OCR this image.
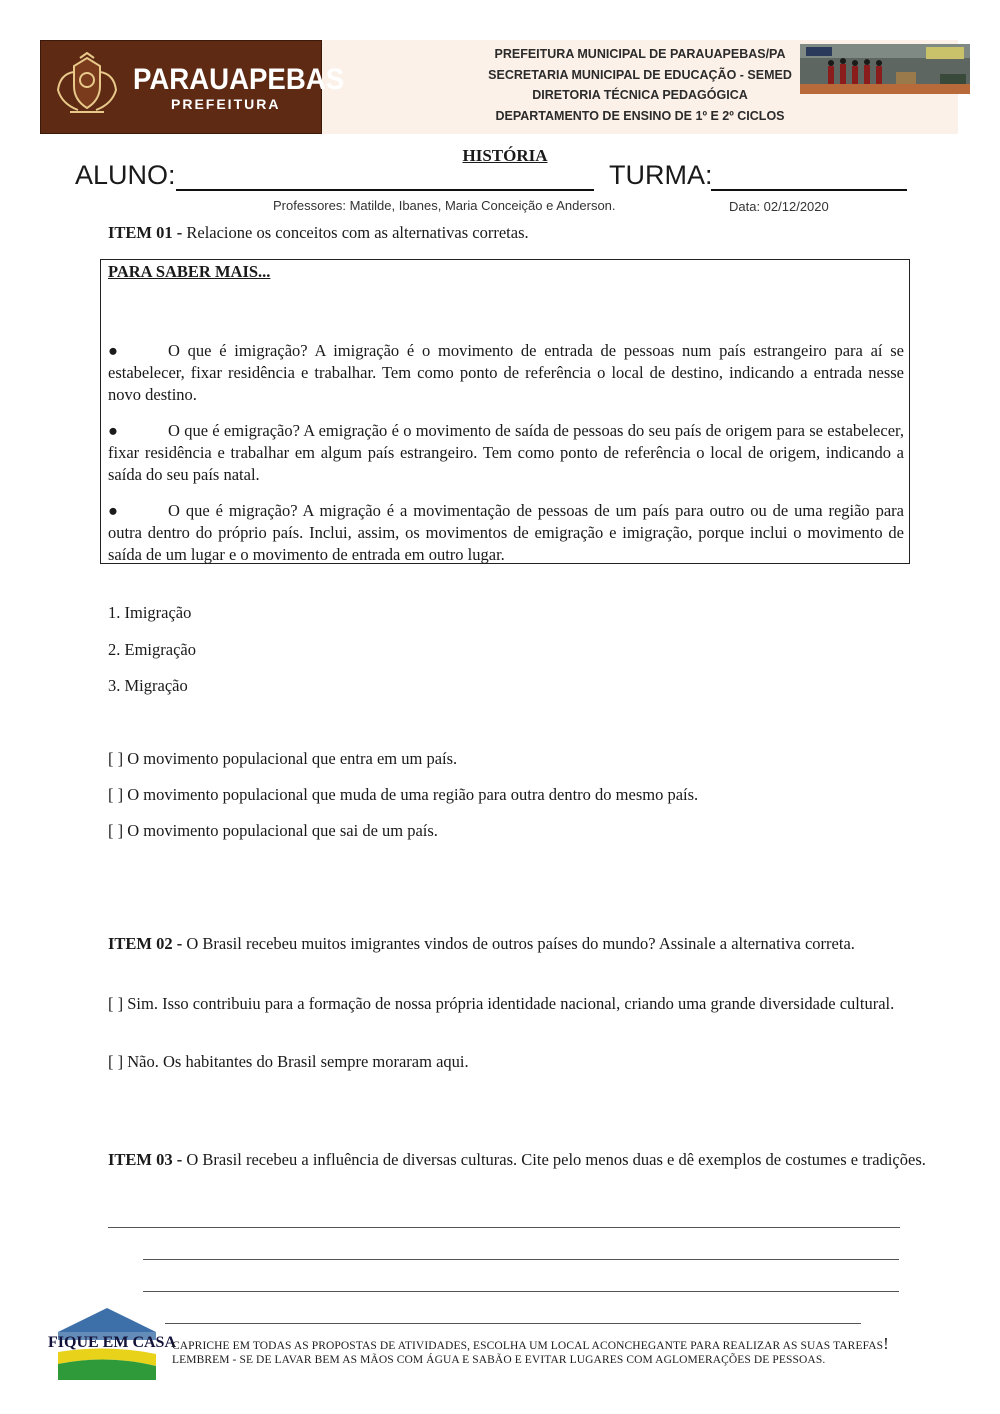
PARAUAPEBAS
PREFEITURA
PREFEITURA MUNICIPAL DE PARAUAPEBAS/PA
SECRETARIA MUNICIPAL DE EDUCAÇÃO - SEMED
DIRETORIA TÉCNICA PEDAGÓGICA
DEPARTAMENTO DE ENSINO DE 1º E 2º CICLOS
HISTÓRIA
ALUNO:	TURMA:
Professores: Matilde, Ibanes, Maria Conceição e Anderson.	Data: 02/12/2020
ITEM 01 - Relacione os conceitos com as alternativas corretas.
PARA SABER MAIS...
●	O que é imigração? A imigração é o movimento de entrada de pessoas num país estrangeiro para aí se estabelecer, fixar residência e trabalhar. Tem como ponto de referência o local de destino, indicando a entrada nesse novo destino.
●	O que é emigração? A emigração é o movimento de saída de pessoas do seu país de origem para se estabelecer, fixar residência e trabalhar em algum país estrangeiro. Tem como ponto de referência o local de origem, indicando a saída do seu país natal.
●	O que é migração? A migração é a movimentação de pessoas de um país para outro ou de uma região para outra dentro do próprio país. Inclui, assim, os movimentos de emigração e imigração, porque inclui o movimento de saída de um lugar e o movimento de entrada em outro lugar.
1. Imigração
2. Emigração
3. Migração
[ ] O movimento populacional que entra em um país.
[ ] O movimento populacional que muda de uma região para outra dentro do mesmo país.
[ ] O movimento populacional que sai de um país.
ITEM 02 - O Brasil recebeu muitos imigrantes vindos de outros países do mundo? Assinale a alternativa correta.
[ ] Sim. Isso contribuiu para a formação de nossa própria identidade nacional, criando uma grande diversidade cultural.
[ ] Não. Os habitantes do Brasil sempre moraram aqui.
ITEM 03 - O Brasil recebeu a influência de diversas culturas. Cite pelo menos duas e dê exemplos de costumes e tradições.
FIQUE EM CASA
CAPRICHE EM TODAS AS PROPOSTAS DE ATIVIDADES, ESCOLHA UM LOCAL ACONCHEGANTE PARA REALIZAR AS SUAS TAREFAS!
LEMBREM - SE DE LAVAR BEM AS MÃOS COM ÁGUA E SABÃO E EVITAR LUGARES COM AGLOMERAÇÕES DE PESSOAS.
